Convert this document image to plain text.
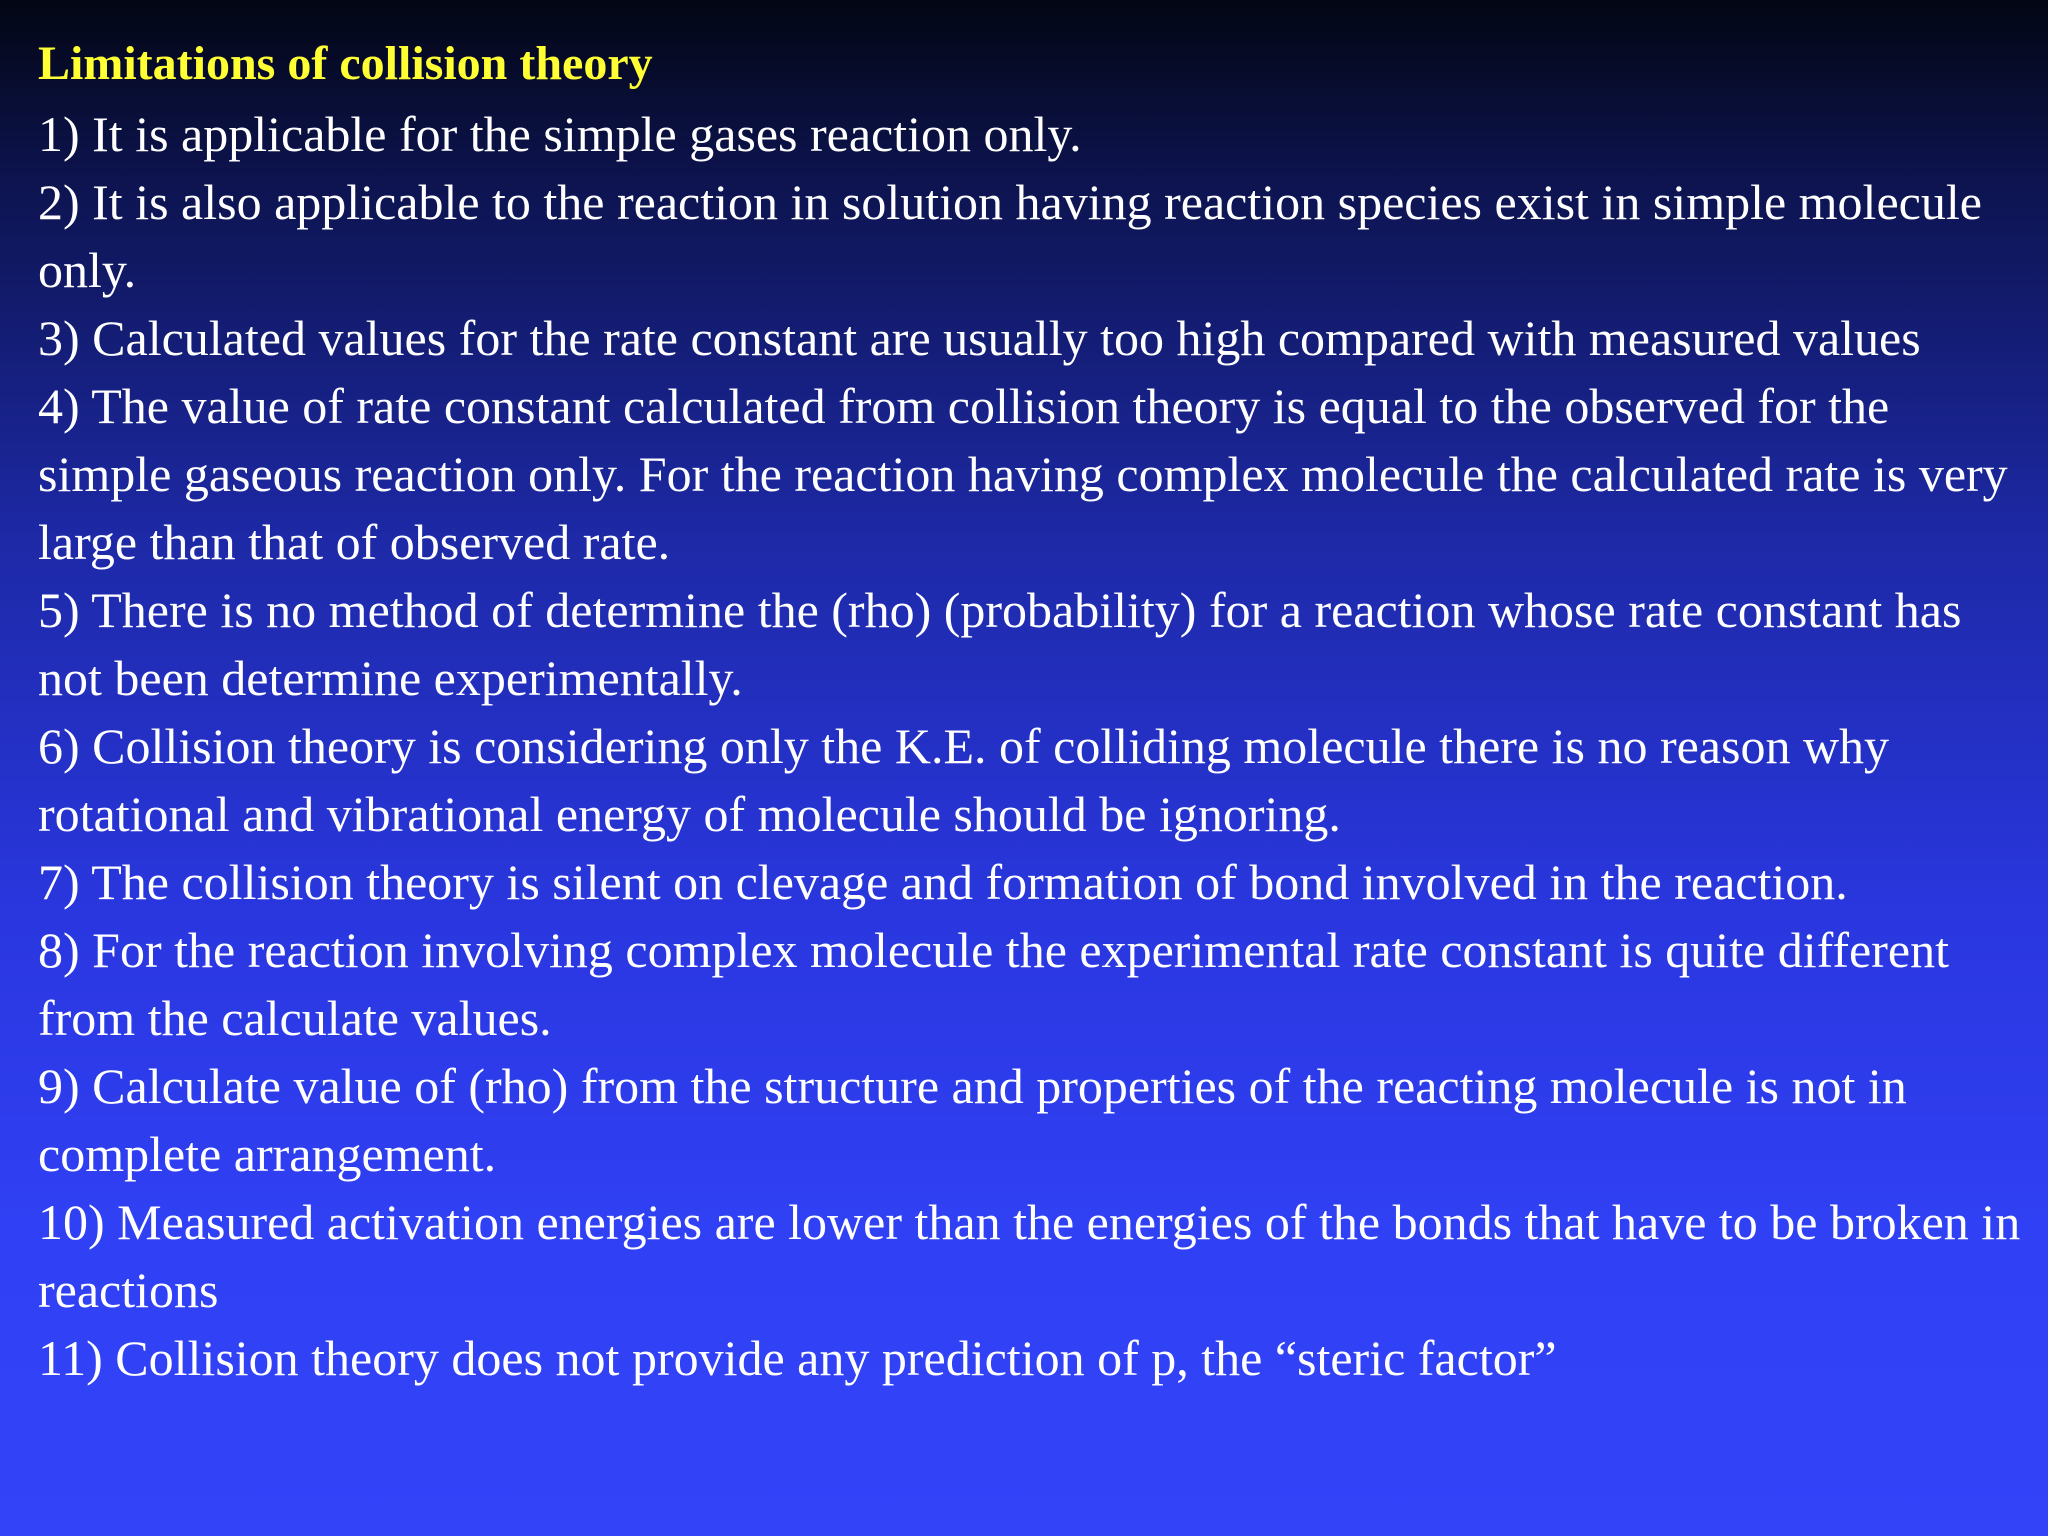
Limitations of collision theory
1) It is applicable for the simple gases reaction only.
2) It is also applicable to the reaction in solution having reaction species exist in simple molecule only.
3) Calculated values for the rate constant are usually too high compared with measured values
4) The value of rate constant calculated from collision theory is equal to the observed for the simple gaseous reaction only. For the reaction having complex molecule the calculated rate is very large than that of observed rate.
5) There is no method of determine the (rho) (probability) for a reaction whose rate constant has not been determine experimentally.
6) Collision theory is considering only the K.E. of colliding molecule there is no reason why rotational and vibrational energy of molecule should be ignoring.
7) The collision theory is silent on clevage and formation of bond involved in the reaction.
8) For the reaction involving complex molecule the experimental rate constant is quite different from the calculate values.
9) Calculate value of (rho) from the structure and properties of the reacting molecule is not in complete arrangement.
10) Measured activation energies are lower than the energies of the bonds that have to be broken in reactions
11) Collision theory does not provide any prediction of p, the “steric factor”
